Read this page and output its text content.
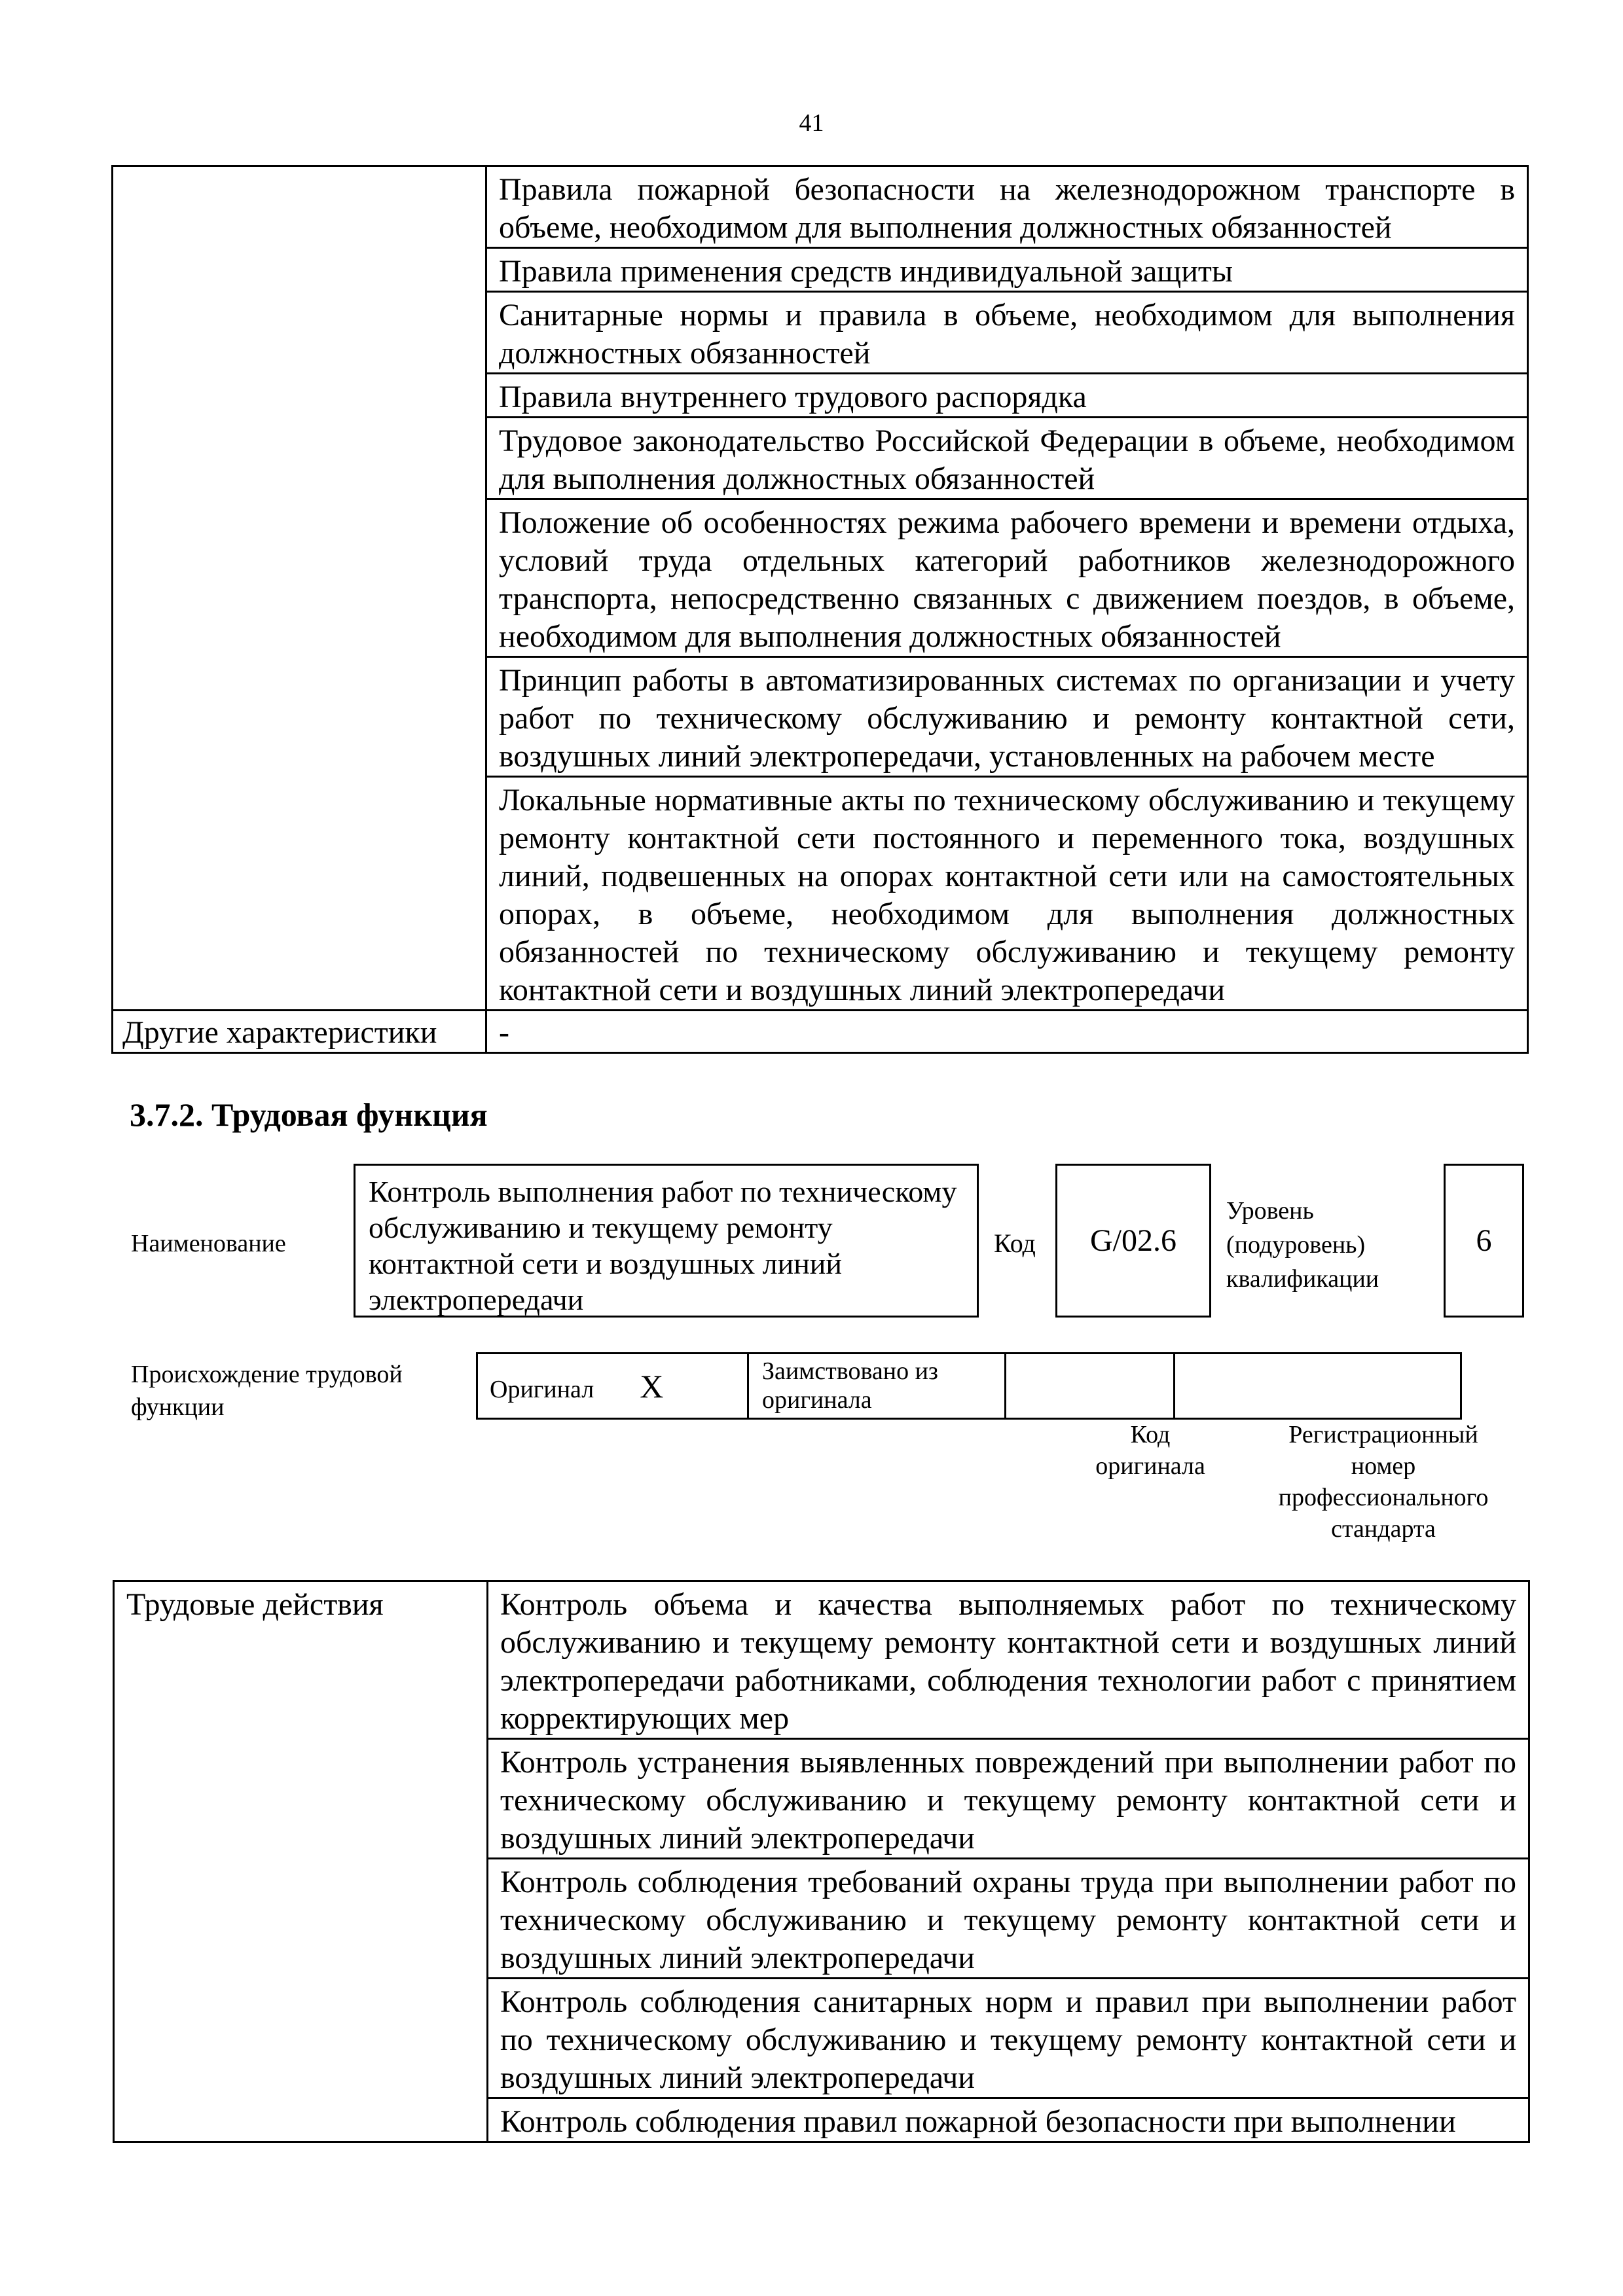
41

	Правила пожарной безопасности на железнодорожном транспорте в объеме, необходимом для выполнения должностных обязанностей

	Правила применения средств индивидуальной защиты

	Санитарные нормы и правила в объеме, необходимом для выполнения должностных обязанностей

	Правила внутреннего трудового распорядка

	Трудовое законодательство Российской Федерации в объеме, необходимом для выполнения должностных обязанностей

	Положение об особенностях режима рабочего времени и времени отдыха, условий труда отдельных категорий работников железнодорожного транспорта, непосредственно связанных с движением поездов, в объеме, необходимом для выполнения должностных обязанностей

	Принцип работы в автоматизированных системах по организации и учету работ по техническому обслуживанию и ремонту контактной сети, воздушных линий электропередачи, установленных на рабочем месте

	Локальные нормативные акты по техническому обслуживанию и текущему ремонту контактной сети постоянного и переменного тока, воздушных линий, подвешенных на опорах контактной сети или на самостоятельных опорах, в объеме, необходимом для выполнения должностных обязанностей по техническому обслуживанию и текущему ремонту контактной сети и воздушных линий электропередачи

Другие характеристики	-
3.7.2. Трудовая функция
Наименование
Контроль выполнения работ по техническому обслуживанию и текущему ремонту контактной сети и воздушных линий электропередачи
Код	G/02.6
Уровень
(подуровень)
квалификации
6
Происхождение трудовой
функции
Оригинал X	Заимствовано из оригинала		
Код
оригинала
Регистрационный
номер
профессионального
стандарта
Трудовые действия	Контроль объема и качества выполняемых работ по техническому обслуживанию и текущему ремонту контактной сети и воздушных линий электропередачи работниками, соблюдения технологии работ с принятием корректирующих мер

	Контроль устранения выявленных повреждений при выполнении работ по техническому обслуживанию и текущему ремонту контактной сети и воздушных линий электропередачи

	Контроль соблюдения требований охраны труда при выполнении работ по техническому обслуживанию и текущему ремонту контактной сети и воздушных линий электропередачи

	Контроль соблюдения санитарных норм и правил при выполнении работ по техническому обслуживанию и текущему ремонту контактной сети и воздушных линий электропередачи

	Контроль соблюдения правил пожарной безопасности при выполнении
